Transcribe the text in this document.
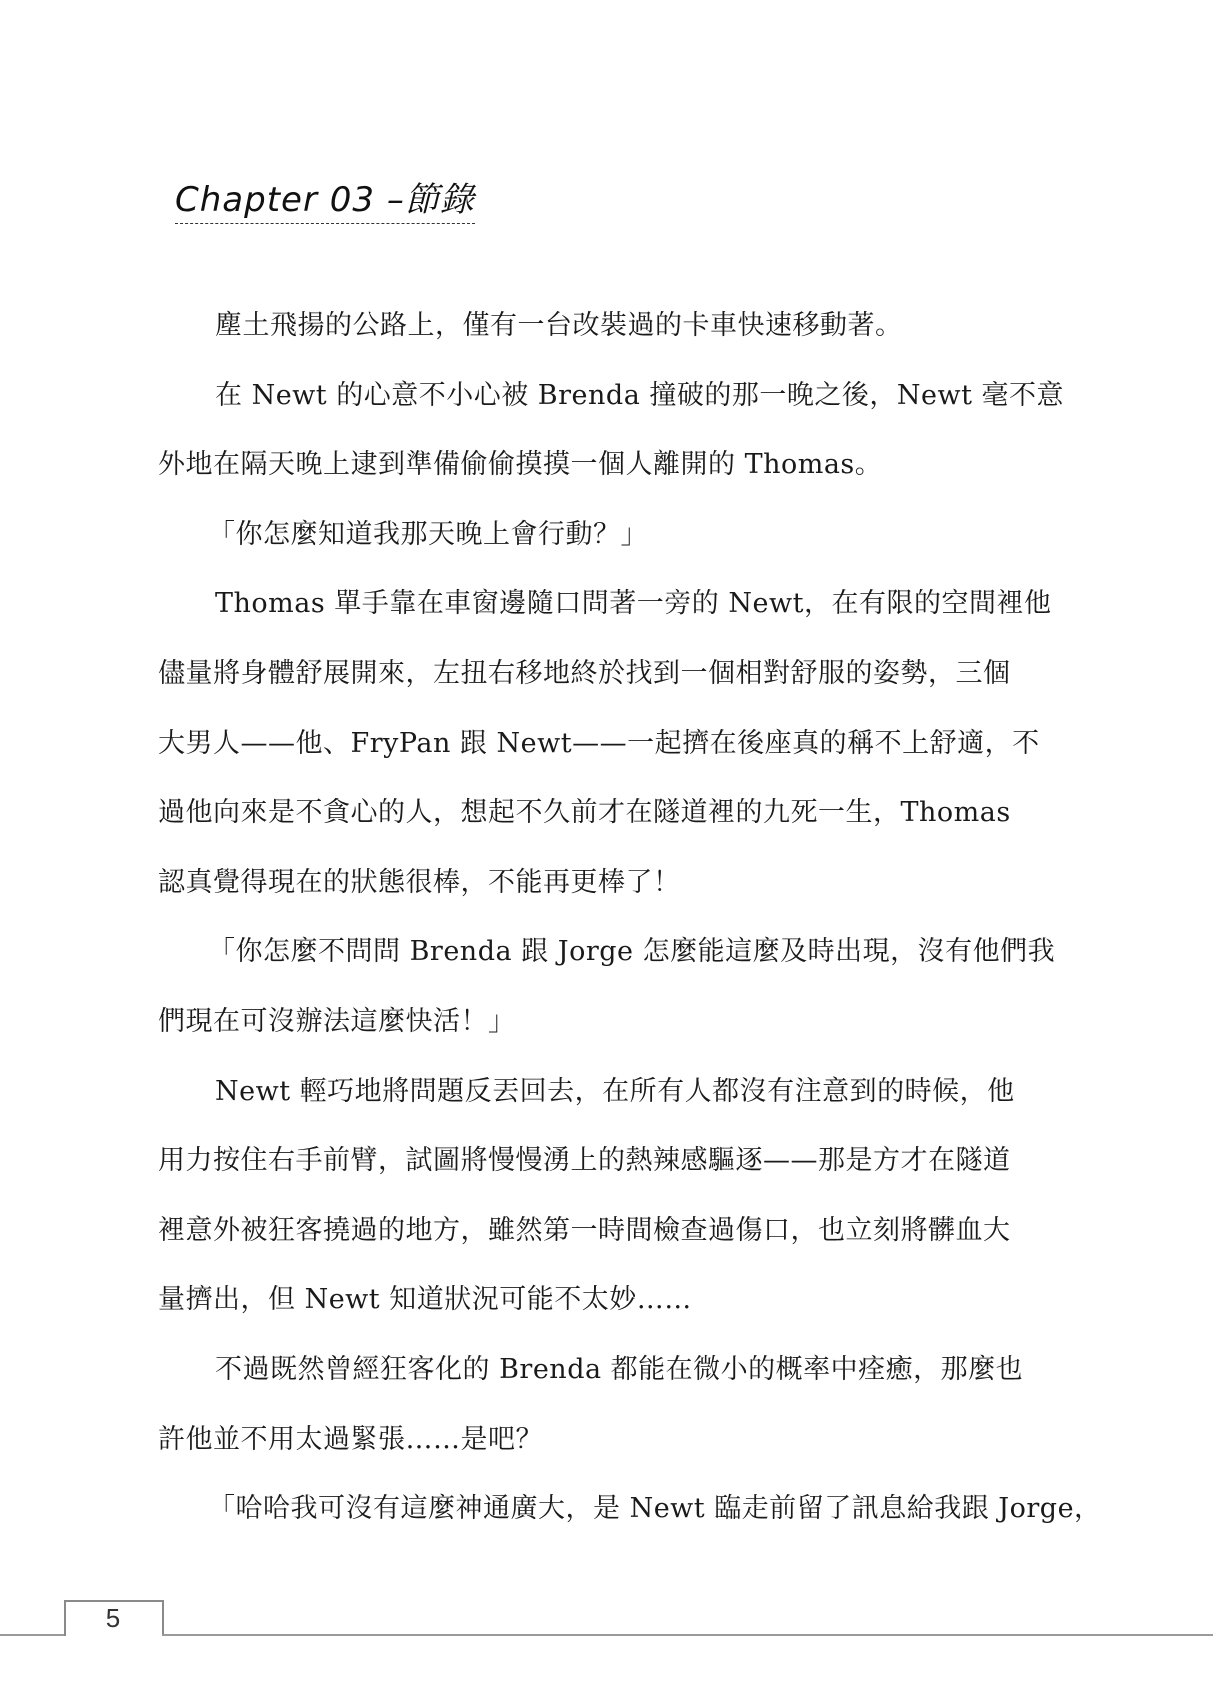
Chapter 03 –節錄
塵土飛揚的公路上，僅有一台改裝過的卡車快速移動著。
在 Newt 的心意不小心被 Brenda 撞破的那一晚之後，Newt 毫不意
外地在隔天晚上逮到準備偷偷摸摸一個人離開的 Thomas。
「你怎麼知道我那天晚上會行動？」
Thomas 單手靠在車窗邊隨口問著一旁的 Newt，在有限的空間裡他
儘量將身體舒展開來，左扭右移地終於找到一個相對舒服的姿勢，三個
大男人——他、FryPan 跟 Newt——一起擠在後座真的稱不上舒適，不
過他向來是不貪心的人，想起不久前才在隧道裡的九死一生，Thomas
認真覺得現在的狀態很棒，不能再更棒了！
「你怎麼不問問 Brenda 跟 Jorge 怎麼能這麼及時出現，沒有他們我
們現在可沒辦法這麼快活！」
Newt 輕巧地將問題反丟回去，在所有人都沒有注意到的時候，他
用力按住右手前臂，試圖將慢慢湧上的熱辣感驅逐——那是方才在隧道
裡意外被狂客撓過的地方，雖然第一時間檢查過傷口，也立刻將髒血大
量擠出，但 Newt 知道狀況可能不太妙……
不過既然曾經狂客化的 Brenda 都能在微小的概率中痊癒，那麼也
許他並不用太過緊張……是吧？
「哈哈我可沒有這麼神通廣大，是 Newt 臨走前留了訊息給我跟 Jorge，
5
